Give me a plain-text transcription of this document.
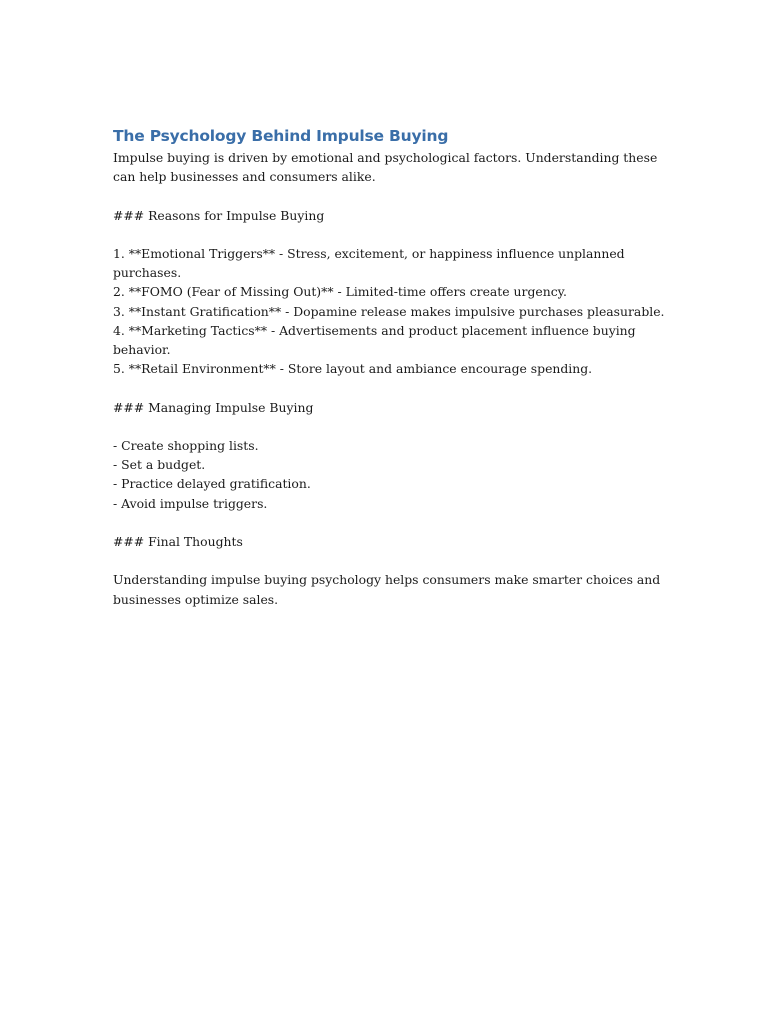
The Psychology Behind Impulse Buying

Impulse buying is driven by emotional and psychological factors. Understanding these can help businesses and consumers alike.

### Reasons for Impulse Buying

1. **Emotional Triggers** - Stress, excitement, or happiness influence unplanned purchases.

2. **FOMO (Fear of Missing Out)** - Limited-time offers create urgency.

3. **Instant Gratification** - Dopamine release makes impulsive purchases pleasurable.

4. **Marketing Tactics** - Advertisements and product placement influence buying behavior.

5. **Retail Environment** - Store layout and ambiance encourage spending.

### Managing Impulse Buying

- Create shopping lists.

- Set a budget.

- Practice delayed gratification.

- Avoid impulse triggers.

### Final Thoughts

Understanding impulse buying psychology helps consumers make smarter choices and businesses optimize sales.
